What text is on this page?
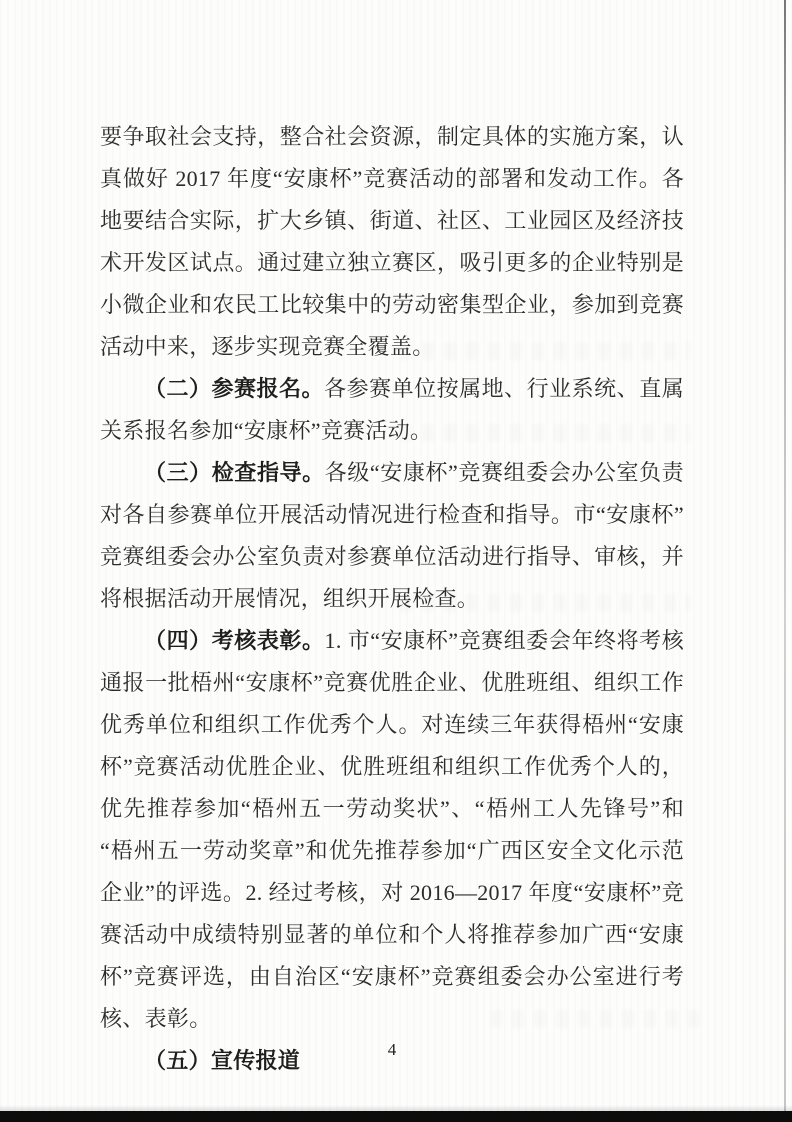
要争取社会支持，整合社会资源，制定具体的实施方案，认真做好 2017 年度“安康杯”竞赛活动的部署和发动工作。各地要结合实际，扩大乡镇、街道、社区、工业园区及经济技术开发区试点。通过建立独立赛区，吸引更多的企业特别是小微企业和农民工比较集中的劳动密集型企业，参加到竞赛活动中来，逐步实现竞赛全覆盖。

（二）参赛报名。各参赛单位按属地、行业系统、直属关系报名参加“安康杯”竞赛活动。

（三）检查指导。各级“安康杯”竞赛组委会办公室负责对各自参赛单位开展活动情况进行检查和指导。市“安康杯”竞赛组委会办公室负责对参赛单位活动进行指导、审核，并将根据活动开展情况，组织开展检查。

（四）考核表彰。1. 市“安康杯”竞赛组委会年终将考核通报一批梧州“安康杯”竞赛优胜企业、优胜班组、组织工作优秀单位和组织工作优秀个人。对连续三年获得梧州“安康杯”竞赛活动优胜企业、优胜班组和组织工作优秀个人的，优先推荐参加“梧州五一劳动奖状”、“梧州工人先锋号”和“梧州五一劳动奖章”和优先推荐参加“广西区安全文化示范企业”的评选。2. 经过考核，对 2016—2017 年度“安康杯”竞赛活动中成绩特别显著的单位和个人将推荐参加广西“安康杯”竞赛评选，由自治区“安康杯”竞赛组委会办公室进行考核、表彰。

（五）宣传报道	4
